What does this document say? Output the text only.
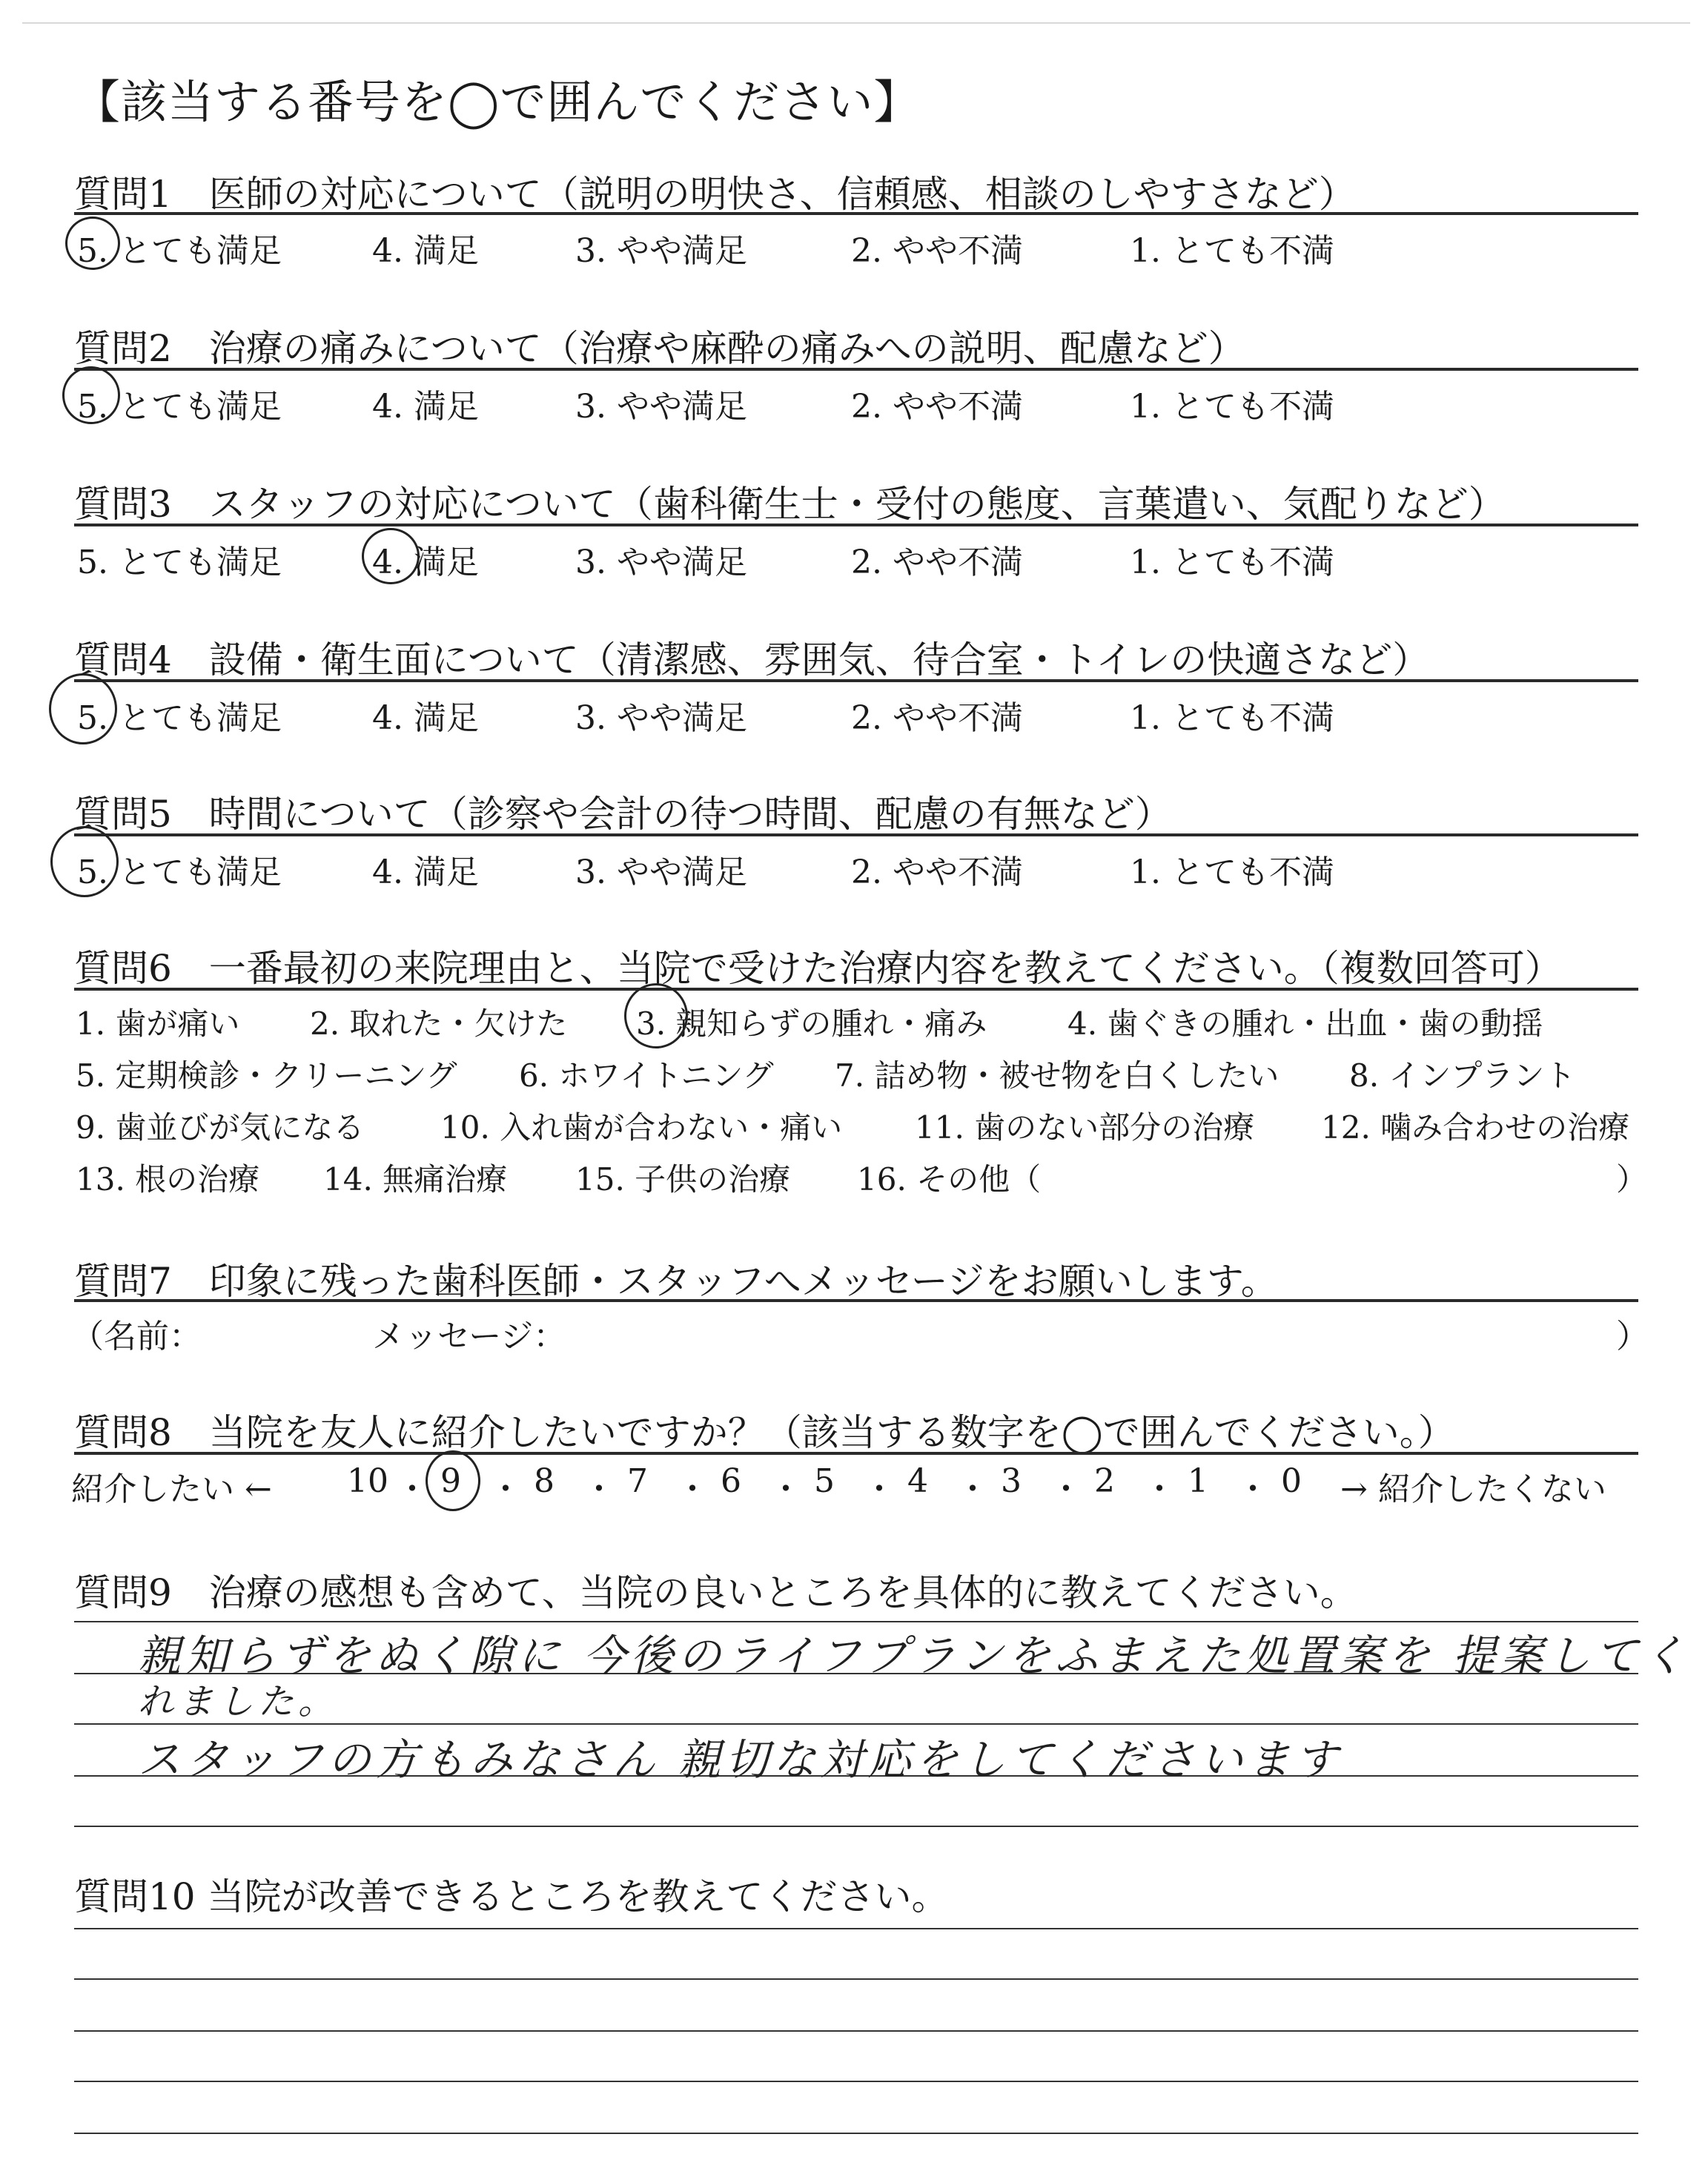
【該当する番号を◯で囲んでください】
質問1　医師の対応について（説明の明快さ、信頼感、相談のしやすさなど）
5. とても満足	4. 満足	3. やや満足	2. やや不満	1. とても不満
質問2　治療の痛みについて（治療や麻酔の痛みへの説明、配慮など）
5. とても満足	4. 満足	3. やや満足	2. やや不満	1. とても不満
質問3　スタッフの対応について（歯科衛生士・受付の態度、言葉遣い、気配りなど）
5. とても満足	4. 満足	3. やや満足	2. やや不満	1. とても不満
質問4　設備・衛生面について（清潔感、雰囲気、待合室・トイレの快適さなど）
5. とても満足	4. 満足	3. やや満足	2. やや不満	1. とても不満
質問5　時間について（診察や会計の待つ時間、配慮の有無など）
5. とても満足	4. 満足	3. やや満足	2. やや不満	1. とても不満
質問6　一番最初の来院理由と、当院で受けた治療内容を教えてください。（複数回答可）
1. 歯が痛い 2. 取れた・欠けた 3. 親知らずの腫れ・痛み	4. 歯ぐきの腫れ・出血・歯の動揺
5. 定期検診・クリーニング 6. ホワイトニング 7. 詰め物・被せ物を白くしたい 8. インプラント
9. 歯並びが気になる 10. 入れ歯が合わない・痛い 11. 歯のない部分の治療 12. 噛み合わせの治療
13. 根の治療 14. 無痛治療 15. 子供の治療 16. その他（	）
質問7　印象に残った歯科医師・スタッフへメッセージをお願いします。
（名前：	メッセージ：	）
質問8　当院を友人に紹介したいですか？（該当する数字を◯で囲んでください。）
紹介したい ←	→ 紹介したくない
10 ・ 9 ・ 8 ・ 7 ・ 6 ・ 5 ・ 4 ・ 3 ・ 2 ・ 1 ・ 0
質問9　治療の感想も含めて、当院の良いところを具体的に教えてください。
親知らずをぬく隙に 今後のライフプランをふまえた処置案を 提案してく
れました。
スタッフの方もみなさん 親切な対応をしてくださいます
質問10 当院が改善できるところを教えてください。
